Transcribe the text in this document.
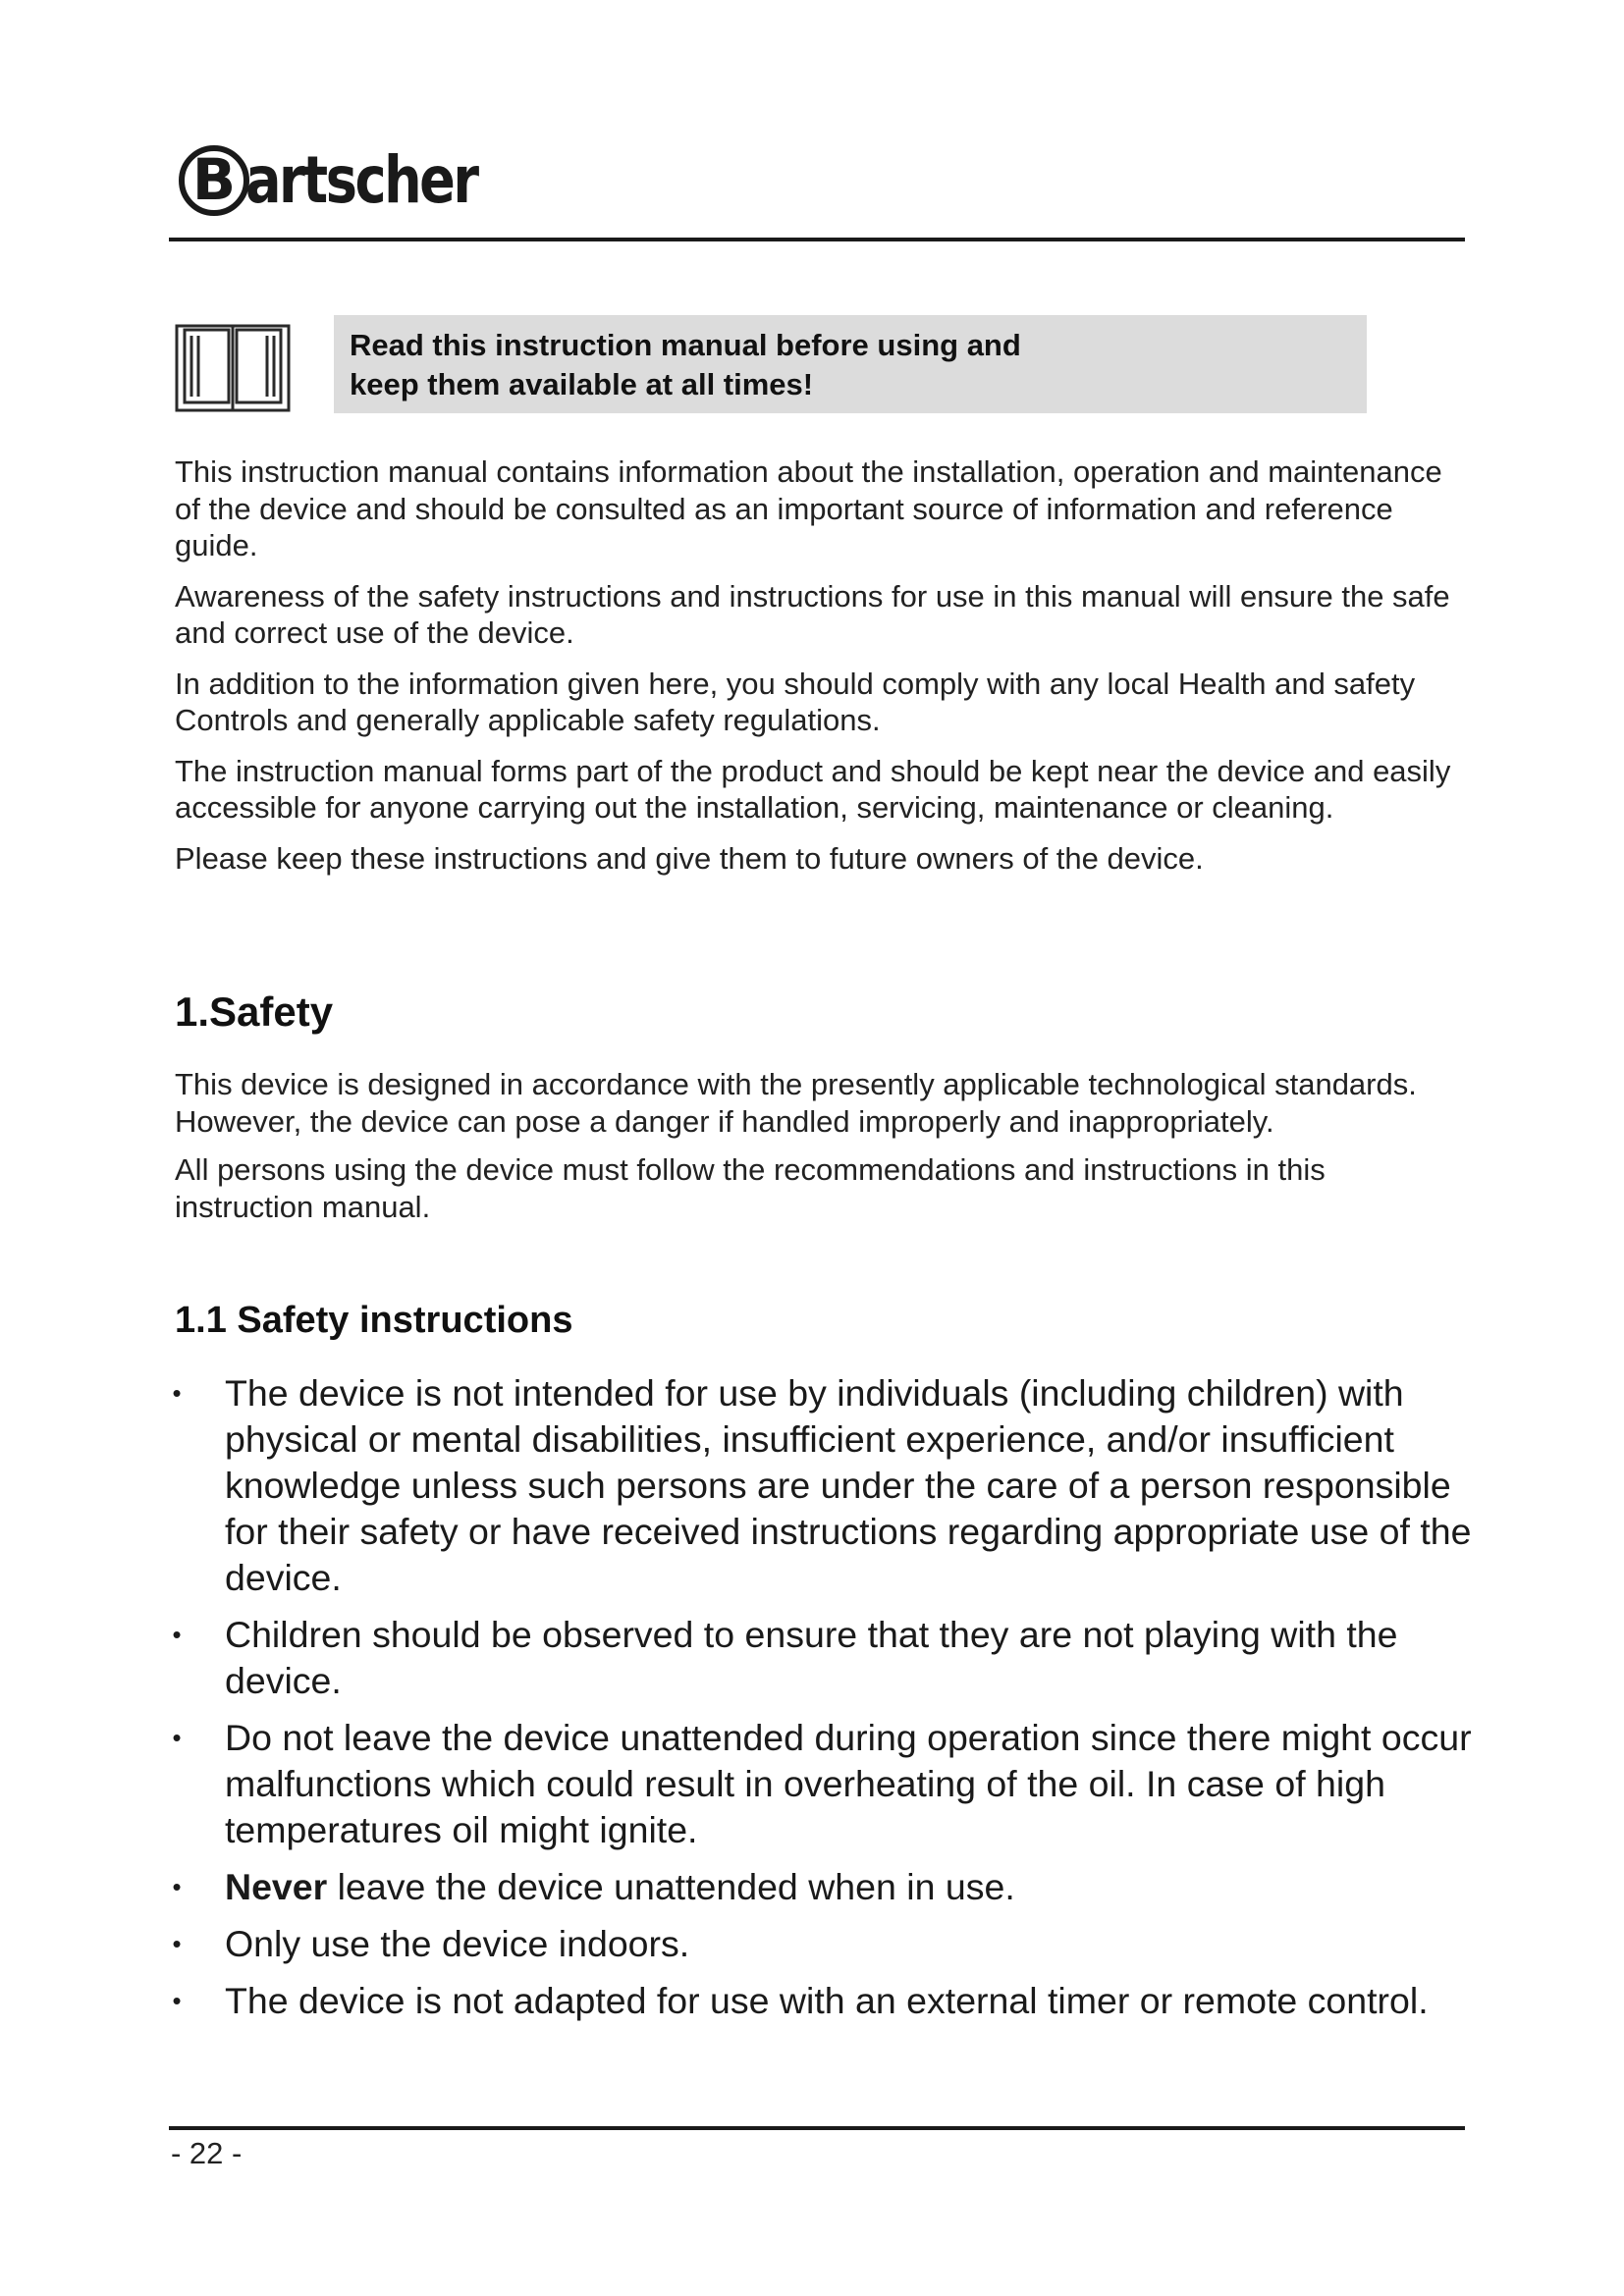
B artscher
Read this instruction manual before using and
keep them available at all times!

This instruction manual contains information about the installation, operation and maintenance of the device and should be consulted as an important source of information and reference guide.

Awareness of the safety instructions and instructions for use in this manual will ensure the safe and correct use of the device.

In addition to the information given here, you should comply with any local Health and safety Controls and generally applicable safety regulations.

The instruction manual forms part of the product and should be kept near the device and easily accessible for anyone carrying out the installation, servicing, maintenance or cleaning.

Please keep these instructions and give them to future owners of the device.

1.Safety

This device is designed in accordance with the presently applicable technological standards. However, the device can pose a danger if handled improperly and inappropriately.

All persons using the device must follow the recommendations and instructions in this instruction manual.

1.1 Safety instructions
• The device is not intended for use by individuals (including children) with physical or mental disabilities, insufficient experience, and/or insufficient knowledge unless such persons are under the care of a person responsible for their safety or have received instructions regarding appropriate use of the device.
• Children should be observed to ensure that they are not playing with the device.
• Do not leave the device unattended during operation since there might occur malfunctions which could result in overheating of the oil. In case of high temperatures oil might ignite.
• Never leave the device unattended when in use.
• Only use the device indoors.
• The device is not adapted for use with an external timer or remote control.
- 22 -
